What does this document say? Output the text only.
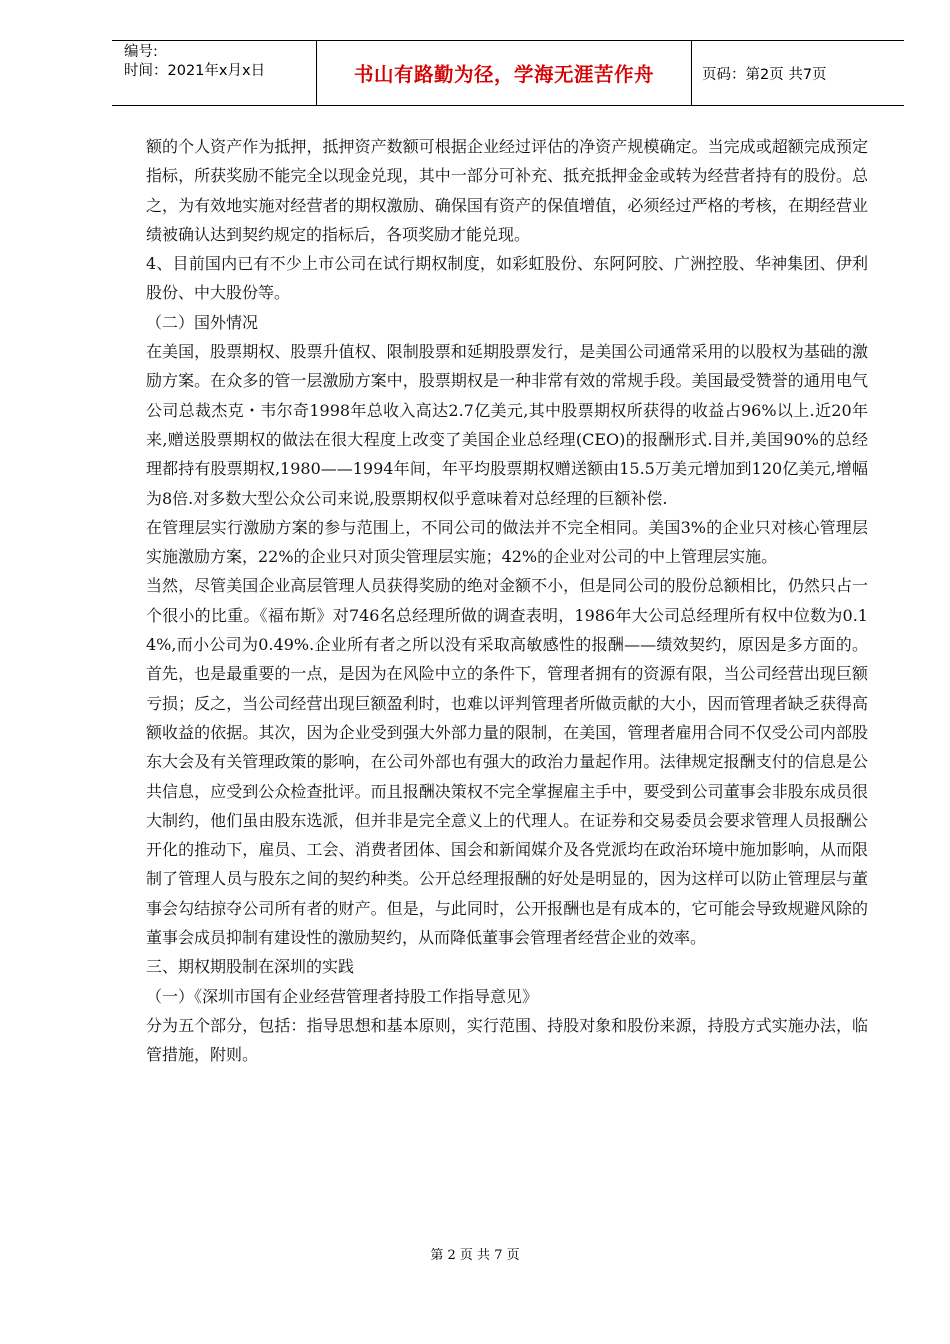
编号:
时间：2021年x月x日	书山有路勤为径，学海无涯苦作舟	页码：第2页 共7页

额的个人资产作为抵押，抵押资产数额可根据企业经过评估的净资产规模确定。当完成或超额完成预定指标，所获奖励不能完全以现金兑现，其中一部分可补充、抵充抵押金金或转为经营者持有的股份。总之，为有效地实施对经营者的期权激励、确保国有资产的保值增值，必须经过严格的考核，在期经营业绩被确认达到契约规定的指标后，各项奖励才能兑现。

4、目前国内已有不少上市公司在试行期权制度，如彩虹股份、东阿阿胶、广洲控股、华神集团、伊利股份、中大股份等。

（二）国外情况

在美国，股票期权、股票升值权、限制股票和延期股票发行，是美国公司通常采用的以股权为基础的激励方案。在众多的管一层激励方案中，股票期权是一种非常有效的常规手段。美国最受赞誉的通用电气公司总裁杰克・韦尔奇1998年总收入高达2.7亿美元,其中股票期权所获得的收益占96%以上.近20年来,赠送股票期权的做法在很大程度上改变了美国企业总经理(CEO)的报酬形式.目并,美国90%的总经理都持有股票期权,1980——1994年间，年平均股票期权赠送额由15.5万美元增加到120亿美元,增幅为8倍.对多数大型公众公司来说,股票期权似乎意味着对总经理的巨额补偿.

在管理层实行激励方案的参与范围上，不同公司的做法并不完全相同。美国3%的企业只对核心管理层实施激励方案，22%的企业只对顶尖管理层实施；42%的企业对公司的中上管理层实施。

当然，尽管美国企业高层管理人员获得奖励的绝对金额不小，但是同公司的股份总额相比，仍然只占一个很小的比重。《福布斯》对746名总经理所做的调查表明，1986年大公司总经理所有权中位数为0.14%,而小公司为0.49%.企业所有者之所以没有采取高敏感性的报酬——绩效契约，原因是多方面的。首先，也是最重要的一点，是因为在风险中立的条件下，管理者拥有的资源有限，当公司经营出现巨额亏损；反之，当公司经营出现巨额盈利时，也难以评判管理者所做贡献的大小，因而管理者缺乏获得高额收益的依据。其次，因为企业受到强大外部力量的限制，在美国，管理者雇用合同不仅受公司内部股东大会及有关管理政策的影响，在公司外部也有强大的政治力量起作用。法律规定报酬支付的信息是公共信息，应受到公众检查批评。而且报酬决策权不完全掌握雇主手中，要受到公司董事会非股东成员很大制约，他们虽由股东选派，但并非是完全意义上的代理人。在证券和交易委员会要求管理人员报酬公开化的推动下，雇员、工会、消费者团体、国会和新闻媒介及各党派均在政治环境中施加影响，从而限制了管理人员与股东之间的契约种类。公开总经理报酬的好处是明显的，因为这样可以防止管理层与董事会勾结掠夺公司所有者的财产。但是，与此同时，公开报酬也是有成本的，它可能会导致规避风除的董事会成员抑制有建设性的激励契约，从而降低董事会管理者经营企业的效率。

三、期权期股制在深圳的实践

（一）《深圳市国有企业经营管理者持股工作指导意见》

分为五个部分，包括：指导思想和基本原则，实行范围、持股对象和股份来源，持股方式实施办法，临管措施，附则。

第 2 页 共 7 页
